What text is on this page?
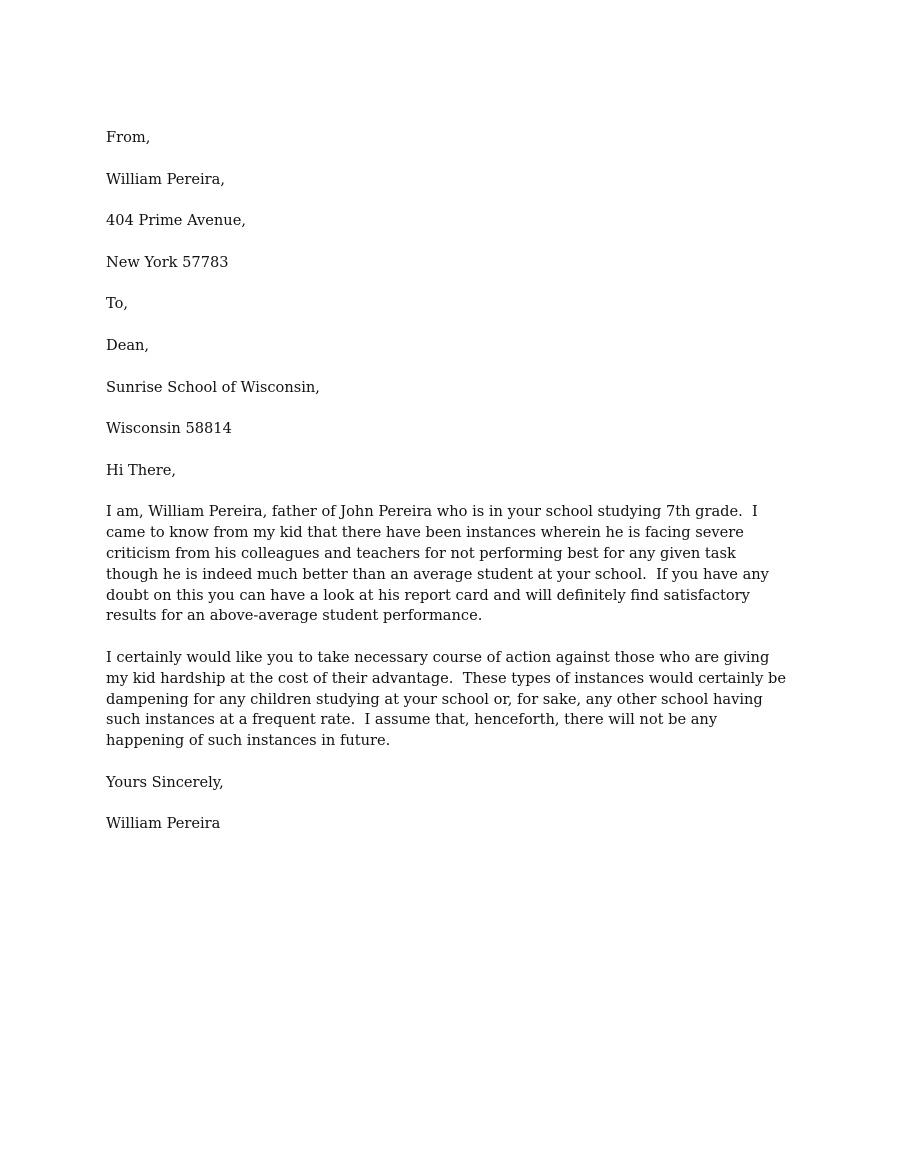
From,
William Pereira,
404 Prime Avenue,
New York 57783
To,
Dean,
Sunrise School of Wisconsin,
Wisconsin 58814
Hi There,
I am, William Pereira, father of John Pereira who is in your school studying 7th grade.  I
came to know from my kid that there have been instances wherein he is facing severe
criticism from his colleagues and teachers for not performing best for any given task
though he is indeed much better than an average student at your school.  If you have any
doubt on this you can have a look at his report card and will definitely find satisfactory
results for an above-average student performance.
I certainly would like you to take necessary course of action against those who are giving
my kid hardship at the cost of their advantage.  These types of instances would certainly be
dampening for any children studying at your school or, for sake, any other school having
such instances at a frequent rate.  I assume that, henceforth, there will not be any
happening of such instances in future.
Yours Sincerely,
William Pereira
